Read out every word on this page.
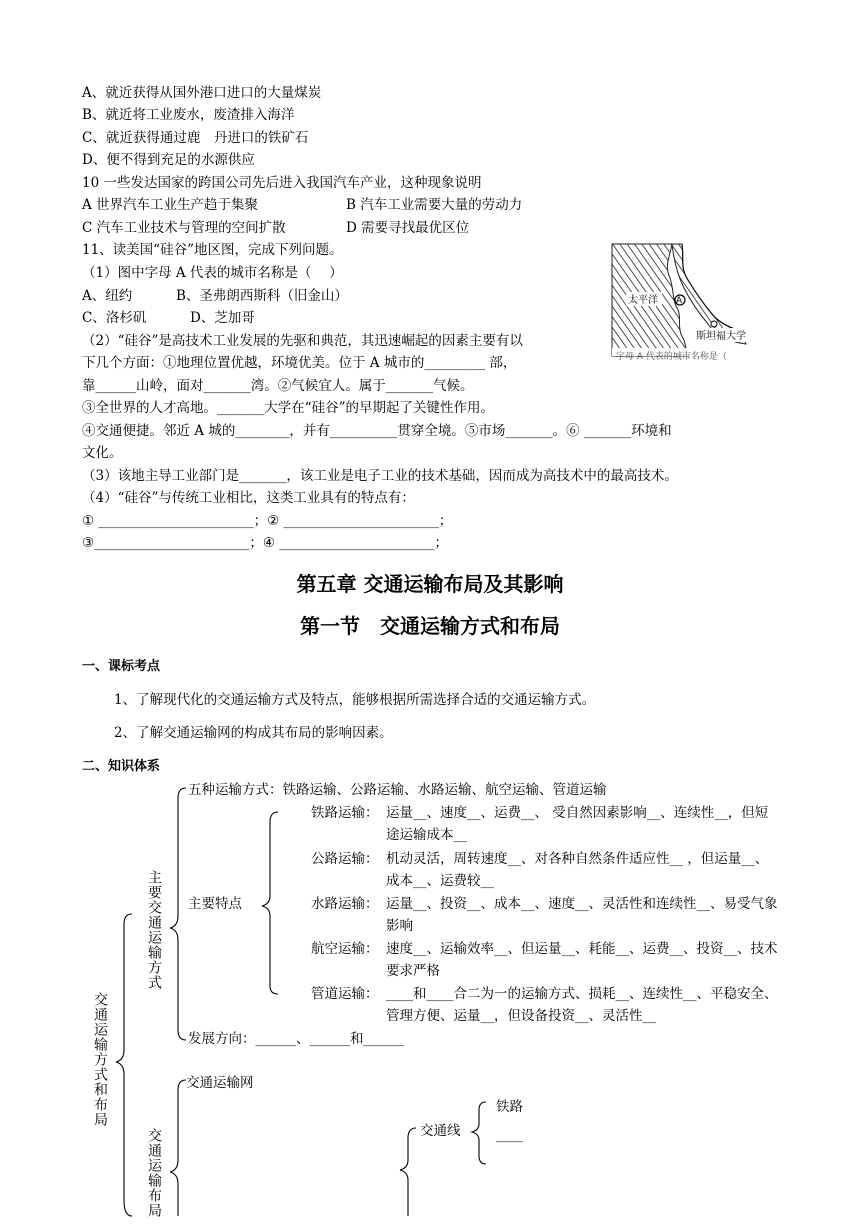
A、就近获得从国外港口进口的大量煤炭
B、就近将工业废水，废渣排入海洋
C、就近获得通过鹿　丹进口的铁矿石
D、便不得到充足的水源供应
10 一些发达国家的跨国公司先后进入我国汽车产业，这种现象说明
A 世界汽车工业生产趋于集聚	B 汽车工业需要大量的劳动力
C 汽车工业技术与管理的空间扩散	D 需要寻找最优区位
11、读美国“硅谷”地区图，完成下列问题。
（1）图中字母 A 代表的城市名称是（　 ）
A、纽约	B、圣弗朗西斯科（旧金山）
C、洛杉矶	D、芝加哥
（2）“硅谷”是高技术工业发展的先驱和典范，其迅速崛起的因素主要有以
下几个方面：①地理位置优越，环境优美。位于 A 城市的_________ 部，
靠______山岭，面对_______湾。②气候宜人。属于_______气候。
③全世界的人才高地。_______大学在“硅谷”的早期起了关键性作用。
④交通便捷。邻近 A 城的________，并有__________贯穿全境。⑤市场_______。⑥ _______环境和
文化。
（3）该地主导工业部门是_______，该工业是电子工业的技术基础，因而成为高技术中的最高技术。
（4）“硅谷”与传统工业相比，这类工业具有的特点有：
① _______________________；② _______________________；
③_______________________；④ _______________________；
太平洋 A
斯坦福大学
字母 A 代表的城市名称是（
第五章 交通运输布局及其影响
第一节　交通运输方式和布局
一、课标考点
1、了解现代化的交通运输方式及特点，能够根据所需选择合适的交通运输方式。
2、了解交通运输网的构成其布局的影响因素。
二、知识体系
交通运输方式和布局
主要交通运输方式
交通运输布局
五种运输方式：铁路运输、公路运输、水路运输、航空运输、管道运输
主要特点
铁路运输： 运量__、速度__、运费__、 受自然因素影响__、连续性__，但短途运输成本__
公路运输： 机动灵活，周转速度__、对各种自然条件适应性__ ，但运量__、成本__、运费较__
水路运输： 运量__、投资__、成本__、速度__、灵活性和连续性__、易受气象影响
航空运输： 速度__、运输效率__、但运量__、耗能__、运费__、投资__、技术要求严格
管道运输： ____和____合二为一的运输方式、损耗__、连续性__、平稳安全、管理方便、运量__，但设备投资__、灵活性__
发展方向：______、______和______
交通运输网
交通线
铁路
____
